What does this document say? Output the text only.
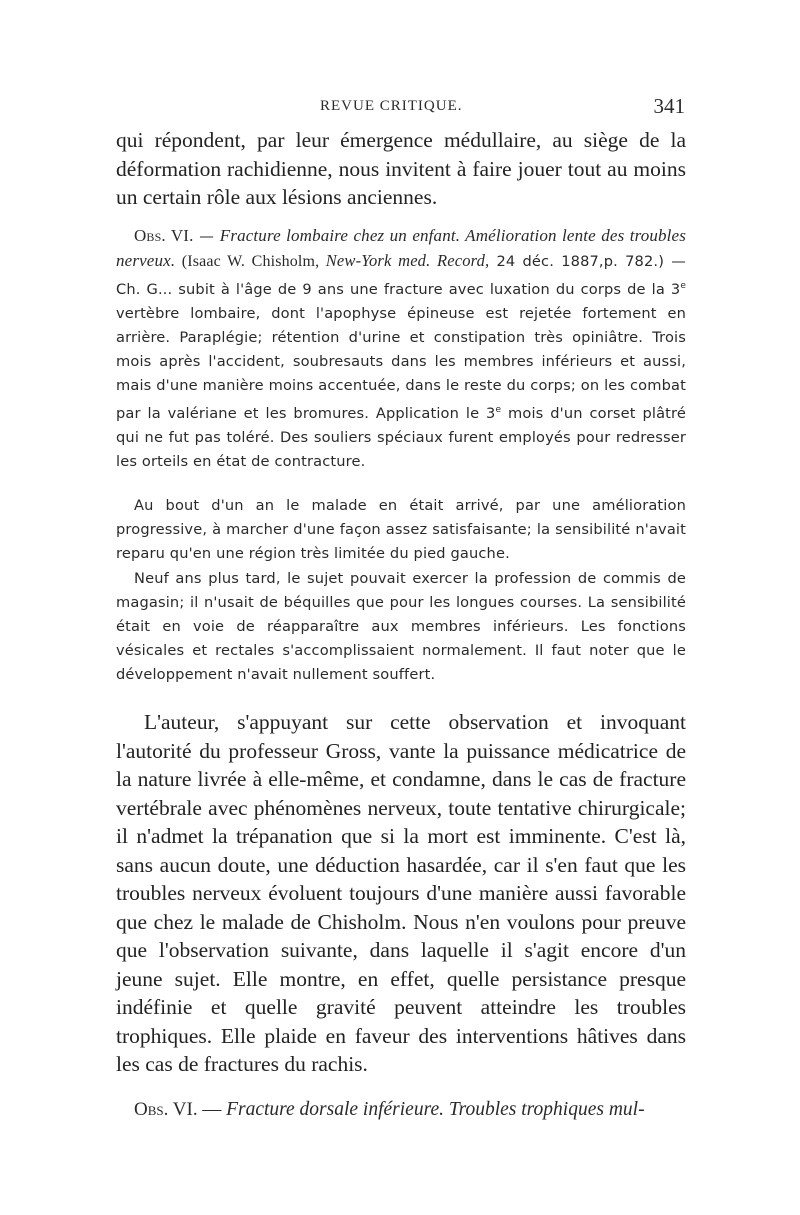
REVUE CRITIQUE.	341

qui répondent, par leur émergence médullaire, au siège de la déformation rachidienne, nous invitent à faire jouer tout au moins un certain rôle aux lésions anciennes.

Obs. VI. — Fracture lombaire chez un enfant. Amélioration lente des troubles nerveux. (Isaac W. Chisholm, New-York med. Record, 24 déc. 1887,p. 782.) — Ch. G... subit à l'âge de 9 ans une fracture avec luxation du corps de la 3e vertèbre lombaire, dont l'apophyse épineuse est rejetée fortement en arrière. Paraplégie; rétention d'urine et constipation très opiniâtre. Trois mois après l'accident, soubresauts dans les membres inférieurs et aussi, mais d'une manière moins accentuée, dans le reste du corps; on les combat par la valériane et les bromures. Application le 3e mois d'un corset plâtré qui ne fut pas toléré. Des souliers spéciaux furent employés pour redresser les orteils en état de contracture.

Au bout d'un an le malade en était arrivé, par une amélioration progressive, à marcher d'une façon assez satisfaisante; la sensibilité n'avait reparu qu'en une région très limitée du pied gauche.

Neuf ans plus tard, le sujet pouvait exercer la profession de commis de magasin; il n'usait de béquilles que pour les longues courses. La sensibilité était en voie de réapparaître aux membres inférieurs. Les fonctions vésicales et rectales s'accomplissaient normalement. Il faut noter que le développement n'avait nullement souffert.

L'auteur, s'appuyant sur cette observation et invoquant l'autorité du professeur Gross, vante la puissance médicatrice de la nature livrée à elle-même, et condamne, dans le cas de fracture vertébrale avec phénomènes nerveux, toute tentative chirurgicale; il n'admet la trépanation que si la mort est imminente. C'est là, sans aucun doute, une déduction hasardée, car il s'en faut que les troubles nerveux évoluent toujours d'une manière aussi favorable que chez le malade de Chisholm. Nous n'en voulons pour preuve que l'observation suivante, dans laquelle il s'agit encore d'un jeune sujet. Elle montre, en effet, quelle persistance presque indéfinie et quelle gravité peuvent atteindre les troubles trophiques. Elle plaide en faveur des interventions hâtives dans les cas de fractures du rachis.

Obs. VI. — Fracture dorsale inférieure. Troubles trophiques mul-
